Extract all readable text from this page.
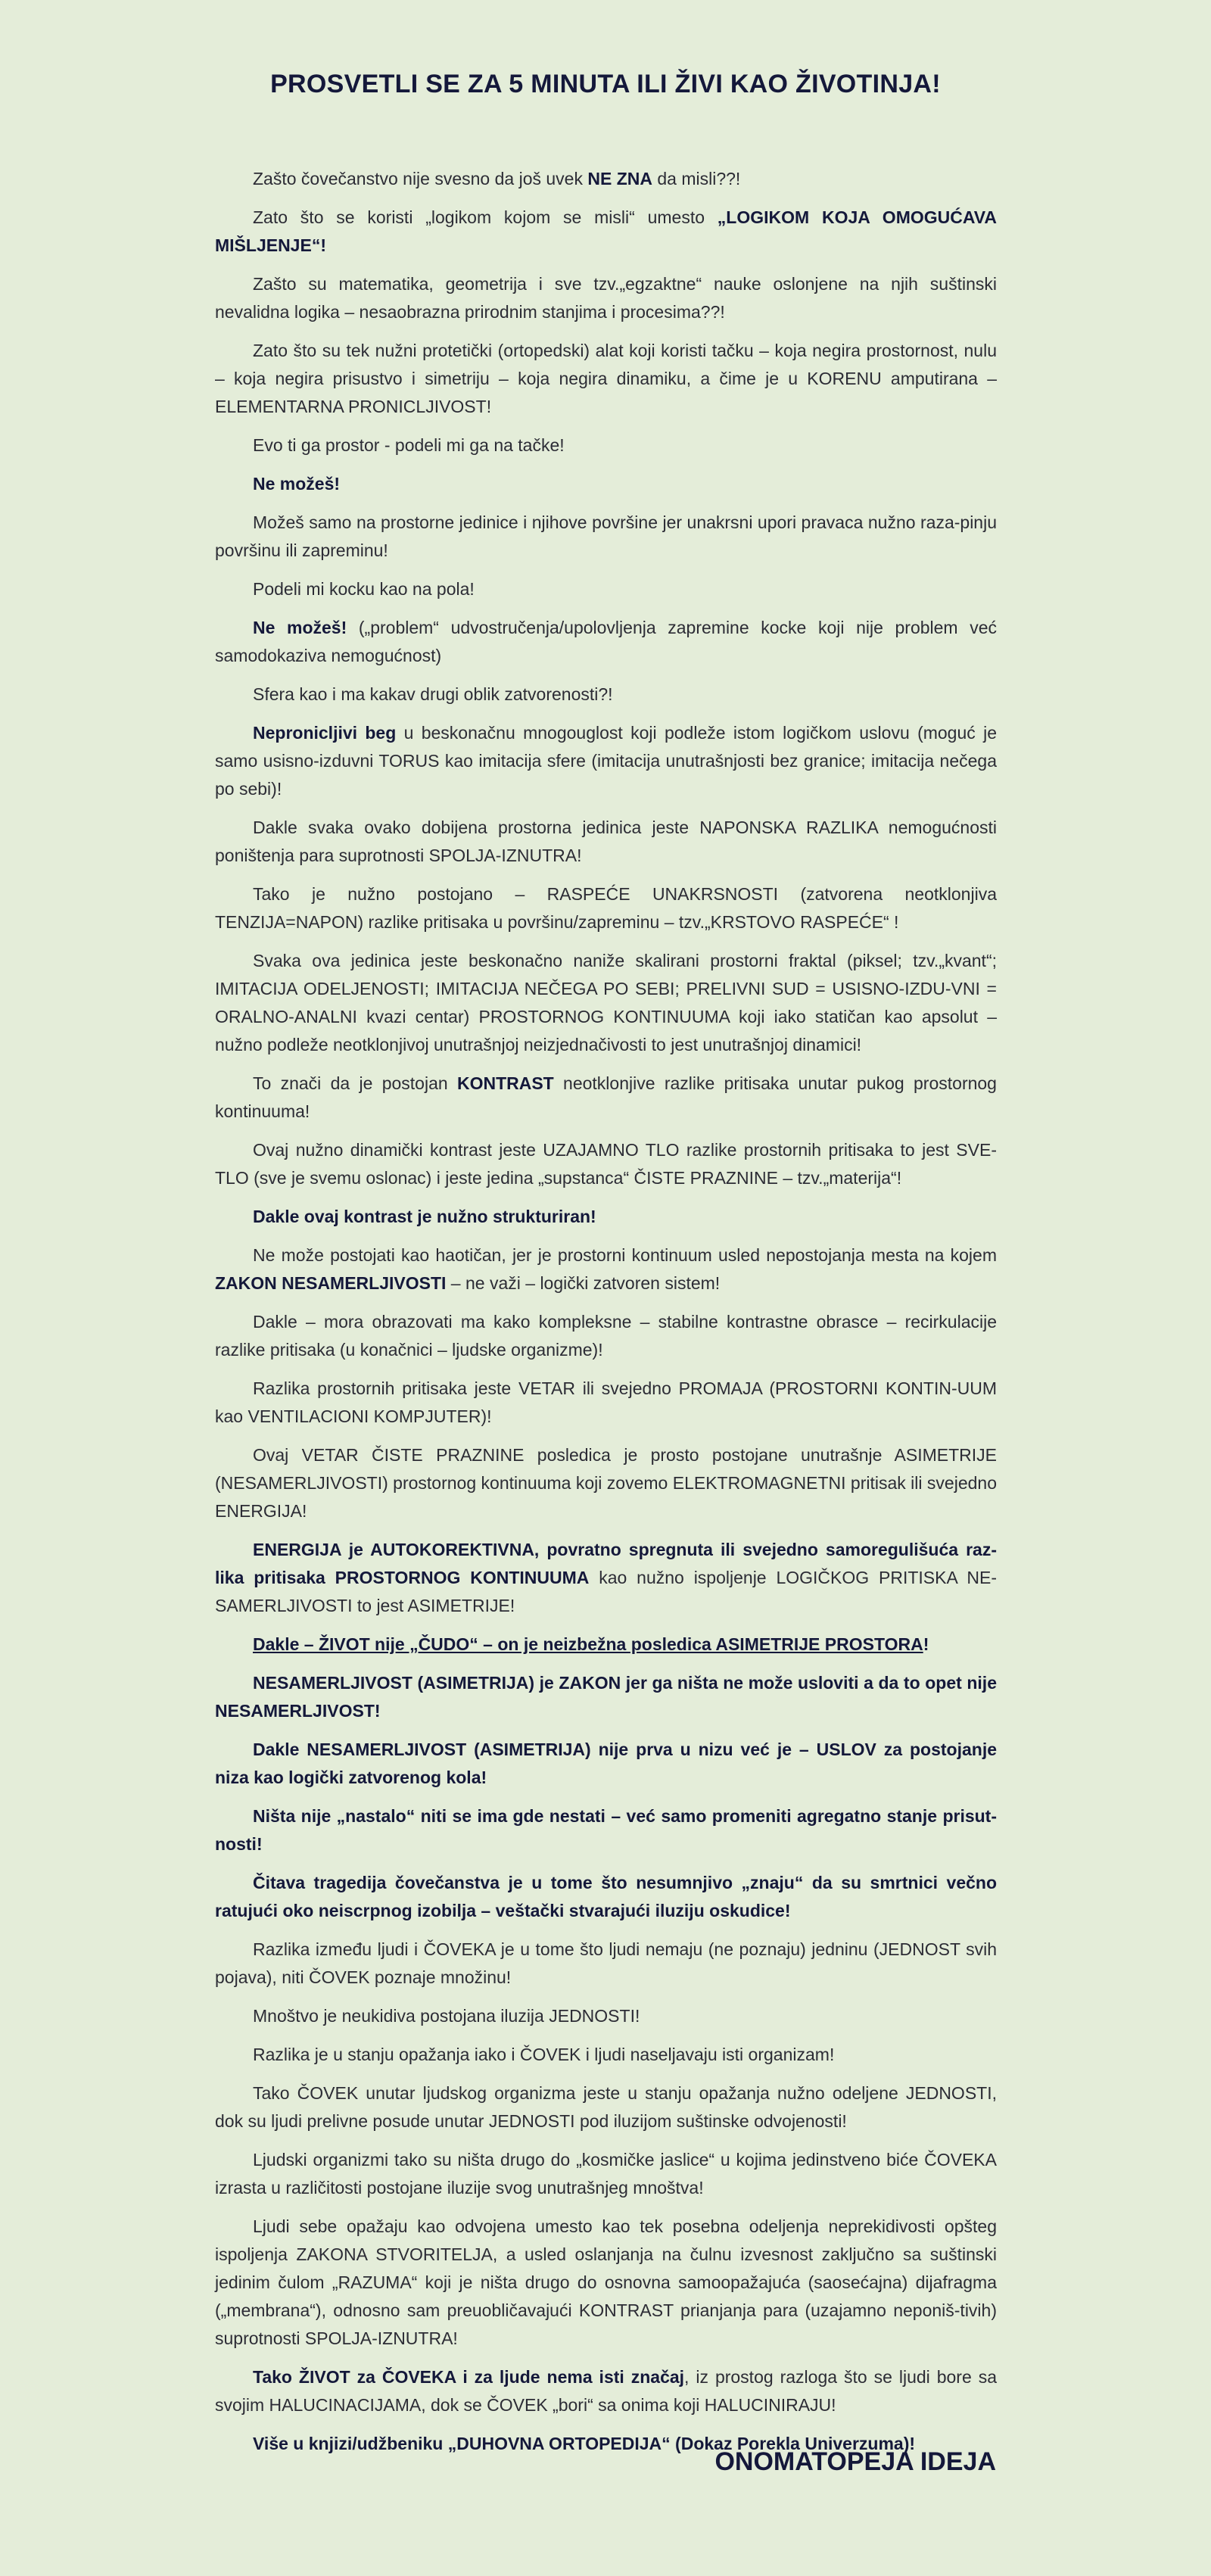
PROSVETLI SE ZA 5 MINUTA ILI ŽIVI KAO ŽIVOTINJA!

Zašto čovečanstvo nije svesno da još uvek NE ZNA da misli??!

Zato što se koristi „logikom kojom se misli“ umesto „LOGIKOM KOJA OMOGUĆAVA MIŠLJENJE“!

Zašto su matematika, geometrija i sve tzv.„egzaktne“ nauke oslonjene na njih suštinski nevalidna logika – nesaobrazna prirodnim stanjima i procesima??!

Zato što su tek nužni protetički (ortopedski) alat koji koristi tačku – koja negira prostornost, nulu – koja negira prisustvo i simetriju – koja negira dinamiku, a čime je u KORENU amputirana – ELEMENTARNA PRONICLJIVOST!

Evo ti ga prostor - podeli mi ga na tačke!

Ne možeš!

Možeš samo na prostorne jedinice i njihove površine jer unakrsni upori pravaca nužno raza-pinju površinu ili zapreminu!

Podeli mi kocku kao na pola!

Ne možeš! („problem“ udvostručenja/upolovljenja zapremine kocke koji nije problem već samodokaziva nemogućnost)

Sfera kao i ma kakav drugi oblik zatvorenosti?!

Nepronicljivi beg u beskonačnu mnogouglost koji podleže istom logičkom uslovu (moguć je samo usisno-izduvni TORUS kao imitacija sfere (imitacija unutrašnjosti bez granice; imitacija nečega po sebi)!

Dakle svaka ovako dobijena prostorna jedinica jeste NAPONSKA RAZLIKA nemogućnosti poništenja para suprotnosti SPOLJA-IZNUTRA!

Tako je nužno postojano – RASPEĆE UNAKRSNOSTI (zatvorena neotklonjiva TENZIJA=NAPON) razlike pritisaka u površinu/zapreminu – tzv.„KRSTOVO RASPEĆE“ !

Svaka ova jedinica jeste beskonačno naniže skalirani prostorni fraktal (piksel; tzv.„kvant“; IMITACIJA ODELJENOSTI; IMITACIJA NEČEGA PO SEBI; PRELIVNI SUD = USISNO-IZDU-VNI = ORALNO-ANALNI kvazi centar) PROSTORNOG KONTINUUMA koji iako statičan kao apsolut – nužno podleže neotklonjivoj unutrašnjoj neizjednačivosti to jest unutrašnjoj dinamici!

To znači da je postojan KONTRAST neotklonjive razlike pritisaka unutar pukog prostornog kontinuuma!

Ovaj nužno dinamički kontrast jeste UZAJAMNO TLO razlike prostornih pritisaka to jest SVE-TLO (sve je svemu oslonac) i jeste jedina „supstanca“ ČISTE PRAZNINE – tzv.„materija“!

Dakle ovaj kontrast je nužno strukturiran!

Ne može postojati kao haotičan, jer je prostorni kontinuum usled nepostojanja mesta na kojem ZAKON NESAMERLJIVOSTI – ne važi – logički zatvoren sistem!

Dakle – mora obrazovati ma kako kompleksne – stabilne kontrastne obrasce – recirkulacije razlike pritisaka (u konačnici – ljudske organizme)!

Razlika prostornih pritisaka jeste VETAR ili svejedno PROMAJA (PROSTORNI KONTIN-UUM kao VENTILACIONI KOMPJUTER)!

Ovaj VETAR ČISTE PRAZNINE posledica je prosto postojane unutrašnje ASIMETRIJE (NESAMERLJIVOSTI) prostornog kontinuuma koji zovemo ELEKTROMAGNETNI pritisak ili svejedno ENERGIJA!

ENERGIJA je AUTOKOREKTIVNA, povratno spregnuta ili svejedno samoregulišuća raz-lika pritisaka PROSTORNOG KONTINUUMA kao nužno ispoljenje LOGIČKOG PRITISKA NE-SAMERLJIVOSTI to jest ASIMETRIJE!

Dakle – ŽIVOT nije „ČUDO“ – on je neizbežna posledica ASIMETRIJE PROSTORA!

NESAMERLJIVOST (ASIMETRIJA) je ZAKON jer ga ništa ne može usloviti a da to opet nije NESAMERLJIVOST!

Dakle NESAMERLJIVOST (ASIMETRIJA) nije prva u nizu već je – USLOV za postojanje niza kao logički zatvorenog kola!

Ništa nije „nastalo“ niti se ima gde nestati – već samo promeniti agregatno stanje prisut-nosti!

Čitava tragedija čovečanstva je u tome što nesumnjivo „znaju“ da su smrtnici večno ratujući oko neiscrpnog izobilja – veštački stvarajući iluziju oskudice!

Razlika između ljudi i ČOVEKA je u tome što ljudi nemaju (ne poznaju) jedninu (JEDNOST svih pojava), niti ČOVEK poznaje množinu!

Mnoštvo je neukidiva postojana iluzija JEDNOSTI!

Razlika je u stanju opažanja iako i ČOVEK i ljudi naseljavaju isti organizam!

Tako ČOVEK unutar ljudskog organizma jeste u stanju opažanja nužno odeljene JEDNOSTI, dok su ljudi prelivne posude unutar JEDNOSTI pod iluzijom suštinske odvojenosti!

Ljudski organizmi tako su ništa drugo do „kosmičke jaslice“ u kojima jedinstveno biće ČOVEKA izrasta u različitosti postojane iluzije svog unutrašnjeg mnoštva!

Ljudi sebe opažaju kao odvojena umesto kao tek posebna odeljenja neprekidivosti opšteg ispoljenja ZAKONA STVORITELJA, a usled oslanjanja na čulnu izvesnost zaključno sa suštinski jedinim čulom „RAZUMA“ koji je ništa drugo do osnovna samoopažajuća (saosećajna) dijafragma („membrana“), odnosno sam preuobličavajući KONTRAST prianjanja para (uzajamno neponiš-tivih) suprotnosti SPOLJA-IZNUTRA!

Tako ŽIVOT za ČOVEKA i za ljude nema isti značaj, iz prostog razloga što se ljudi bore sa svojim HALUCINACIJAMA, dok se ČOVEK „bori“ sa onima koji HALUCINIRAJU!

Više u knjizi/udžbeniku „DUHOVNA ORTOPEDIJA“ (Dokaz Porekla Univerzuma)!

ONOMATOPEJA IDEJA
